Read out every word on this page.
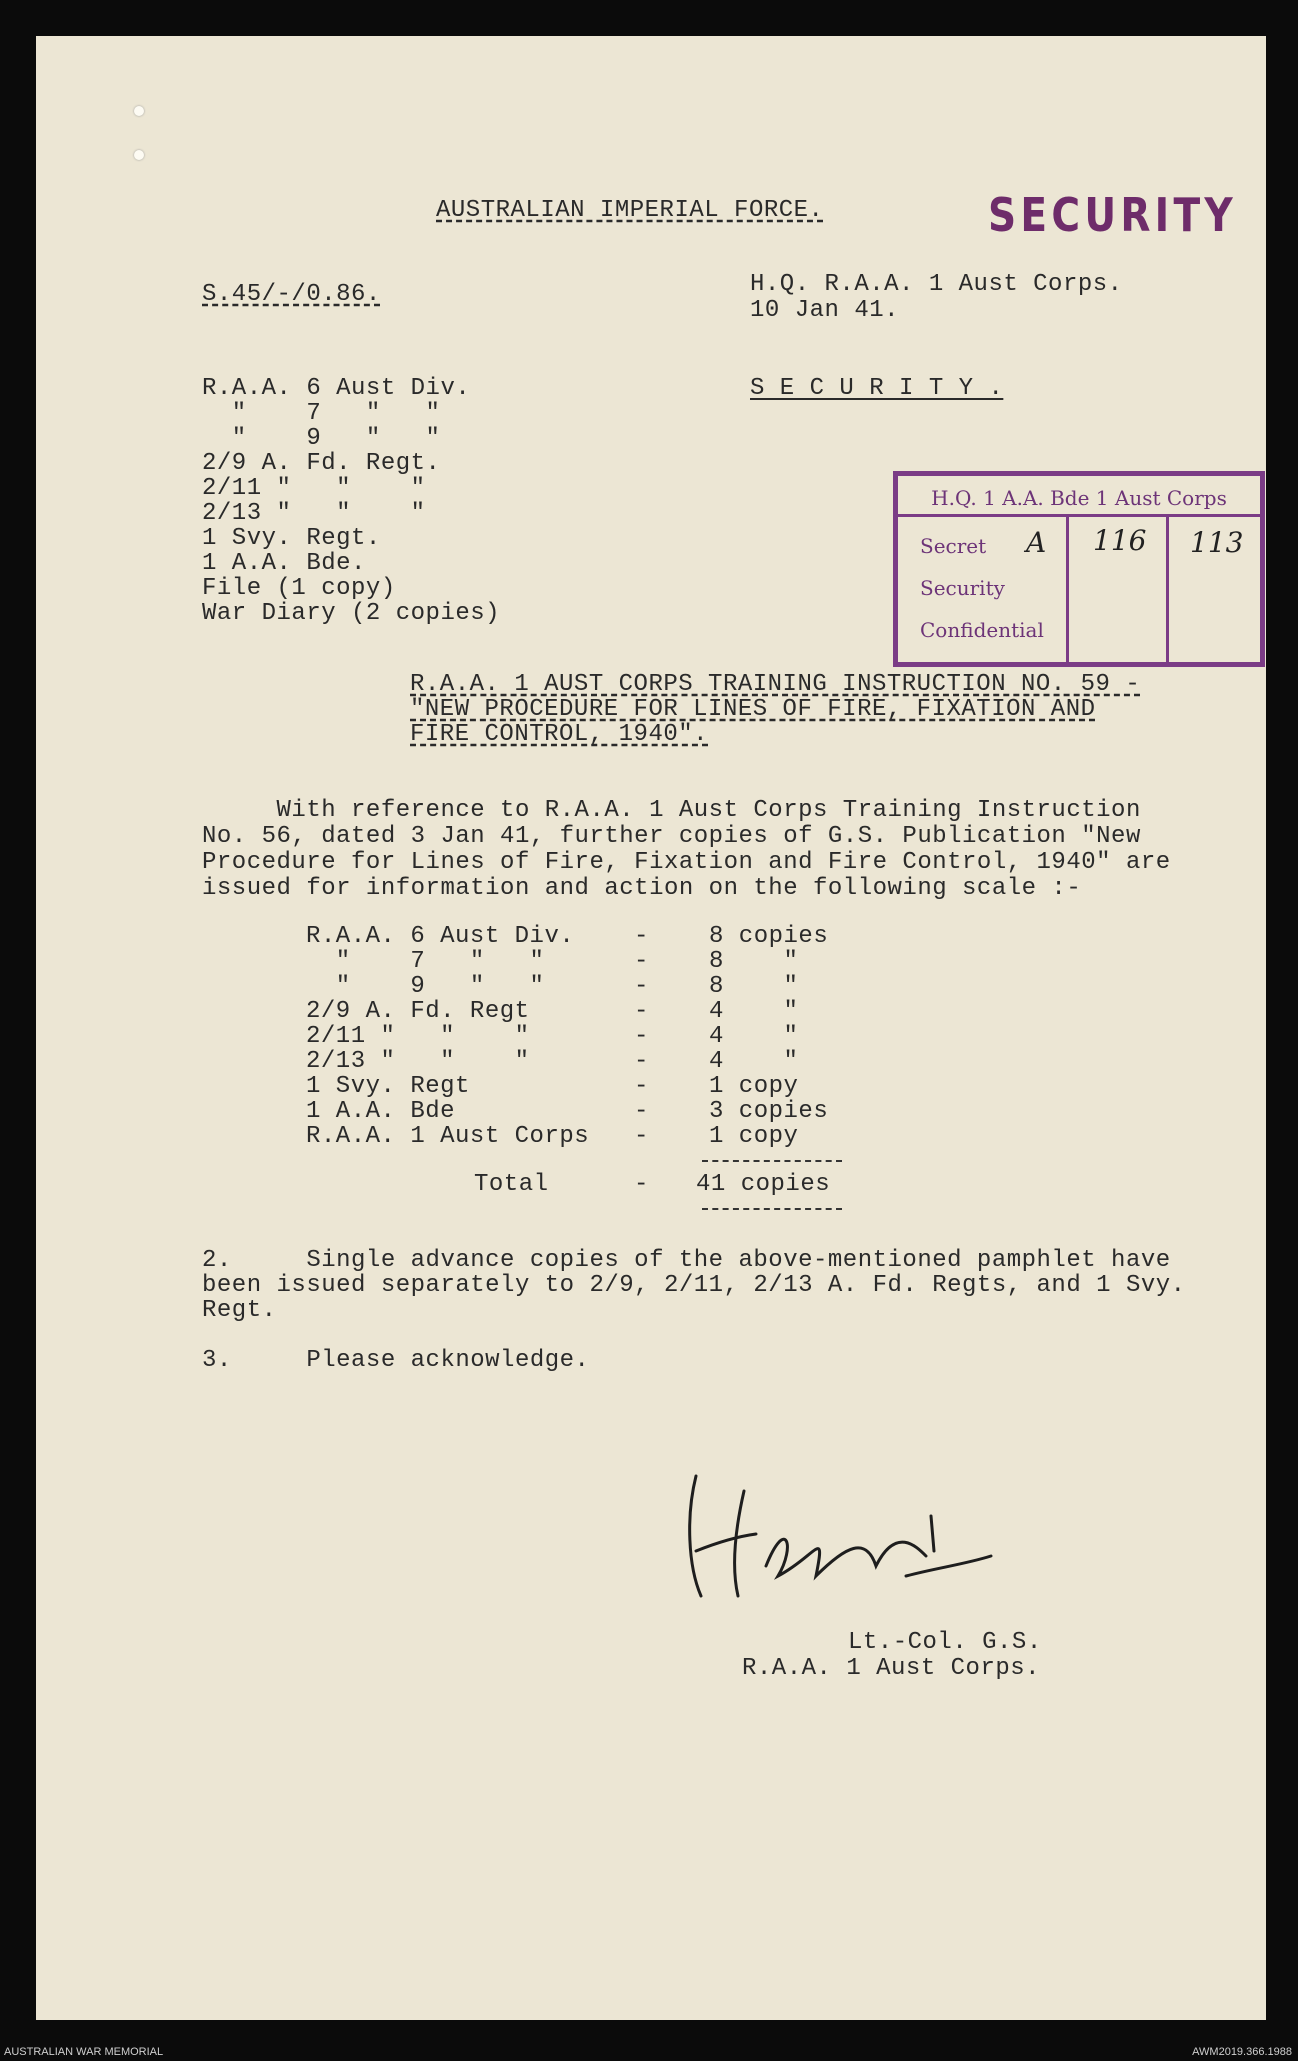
SECURITY
AUSTRALIAN IMPERIAL FORCE.
S.45/-/0.86.	H.Q. R.A.A. 1 Aust Corps.
10 Jan 41.
R.A.A. 6 Aust Div.	S E C U R I T Y .
"    7   "   "
"    9   "   "
2/9 A. Fd. Regt.
2/11 "   "    "
2/13 "   "    "
1 Svy. Regt.
1 A.A. Bde.
File (1 copy)
War Diary (2 copies)
H.Q. 1 A.A. Bde 1 Aust Corps
Secret
Security
Confidential
A 116 113
R.A.A. 1 AUST CORPS TRAINING INSTRUCTION NO. 59 -
"NEW PROCEDURE FOR LINES OF FIRE, FIXATION AND
FIRE CONTROL, 1940".
With reference to R.A.A. 1 Aust Corps Training Instruction
No. 56, dated 3 Jan 41, further copies of G.S. Publication "New
Procedure for Lines of Fire, Fixation and Fire Control, 1940" are
issued for information and action on the following scale :-
R.A.A. 6 Aust Div. -	8 copies
"    7   "   "	-	8    "
"    9   "   "	-	8    "
2/9 A. Fd. Regt	-	4    "
2/11 "   "    "	-	4    "
2/13 "   "    "	-	4    "
1 Svy. Regt	-	1 copy
1 A.A. Bde	-	3 copies
R.A.A. 1 Aust Corps -	1 copy
Total	- 41 copies
2.     Single advance copies of the above-mentioned pamphlet have
been issued separately to 2/9, 2/11, 2/13 A. Fd. Regts, and 1 Svy.
Regt.
3.     Please acknowledge.
Lt.-Col. G.S.
R.A.A. 1 Aust Corps.
AUSTRALIAN WAR MEMORIAL	AWM2019.366.1988
